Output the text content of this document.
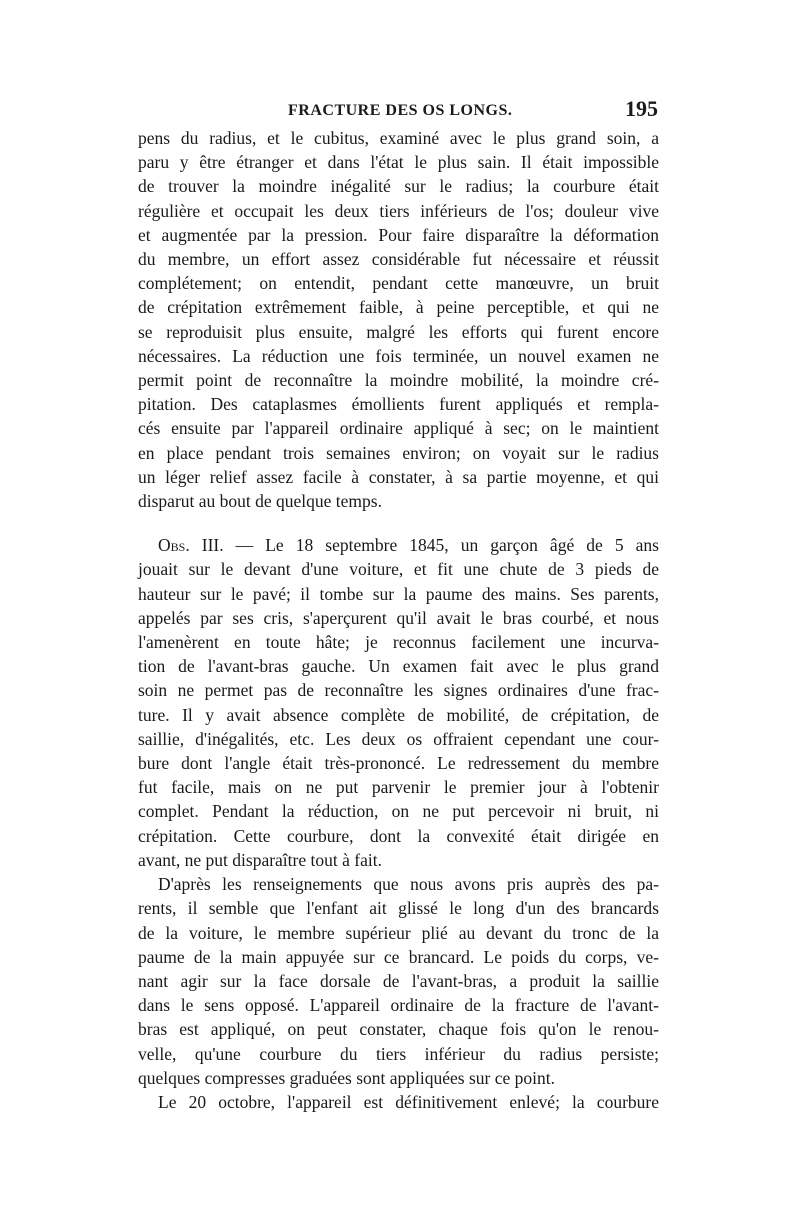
FRACTURE DES OS LONGS.	195

pens du radius, et le cubitus, examiné avec le plus grand soin, a
paru y être étranger et dans l'état le plus sain. Il était impossible
de trouver la moindre inégalité sur le radius; la courbure était
régulière et occupait les deux tiers inférieurs de l'os; douleur vive
et augmentée par la pression. Pour faire disparaître la déformation
du membre, un effort assez considérable fut nécessaire et réussit
complétement; on entendit, pendant cette manœuvre, un bruit
de crépitation extrêmement faible, à peine perceptible, et qui ne
se reproduisit plus ensuite, malgré les efforts qui furent encore
nécessaires. La réduction une fois terminée, un nouvel examen ne
permit point de reconnaître la moindre mobilité, la moindre cré-
pitation. Des cataplasmes émollients furent appliqués et rempla-
cés ensuite par l'appareil ordinaire appliqué à sec; on le maintient
en place pendant trois semaines environ; on voyait sur le radius
un léger relief assez facile à constater, à sa partie moyenne, et qui
disparut au bout de quelque temps.

Obs. III. — Le 18 septembre 1845, un garçon âgé de 5 ans
jouait sur le devant d'une voiture, et fit une chute de 3 pieds de
hauteur sur le pavé; il tombe sur la paume des mains. Ses parents,
appelés par ses cris, s'aperçurent qu'il avait le bras courbé, et nous
l'amenèrent en toute hâte; je reconnus facilement une incurva-
tion de l'avant-bras gauche. Un examen fait avec le plus grand
soin ne permet pas de reconnaître les signes ordinaires d'une frac-
ture. Il y avait absence complète de mobilité, de crépitation, de
saillie, d'inégalités, etc. Les deux os offraient cependant une cour-
bure dont l'angle était très-prononcé. Le redressement du membre
fut facile, mais on ne put parvenir le premier jour à l'obtenir
complet. Pendant la réduction, on ne put percevoir ni bruit, ni
crépitation. Cette courbure, dont la convexité était dirigée en
avant, ne put disparaître tout à fait.

D'après les renseignements que nous avons pris auprès des pa-
rents, il semble que l'enfant ait glissé le long d'un des brancards
de la voiture, le membre supérieur plié au devant du tronc de la
paume de la main appuyée sur ce brancard. Le poids du corps, ve-
nant agir sur la face dorsale de l'avant-bras, a produit la saillie
dans le sens opposé. L'appareil ordinaire de la fracture de l'avant-
bras est appliqué, on peut constater, chaque fois qu'on le renou-
velle, qu'une courbure du tiers inférieur du radius persiste;
quelques compresses graduées sont appliquées sur ce point.

Le 20 octobre, l'appareil est définitivement enlevé; la courbure
